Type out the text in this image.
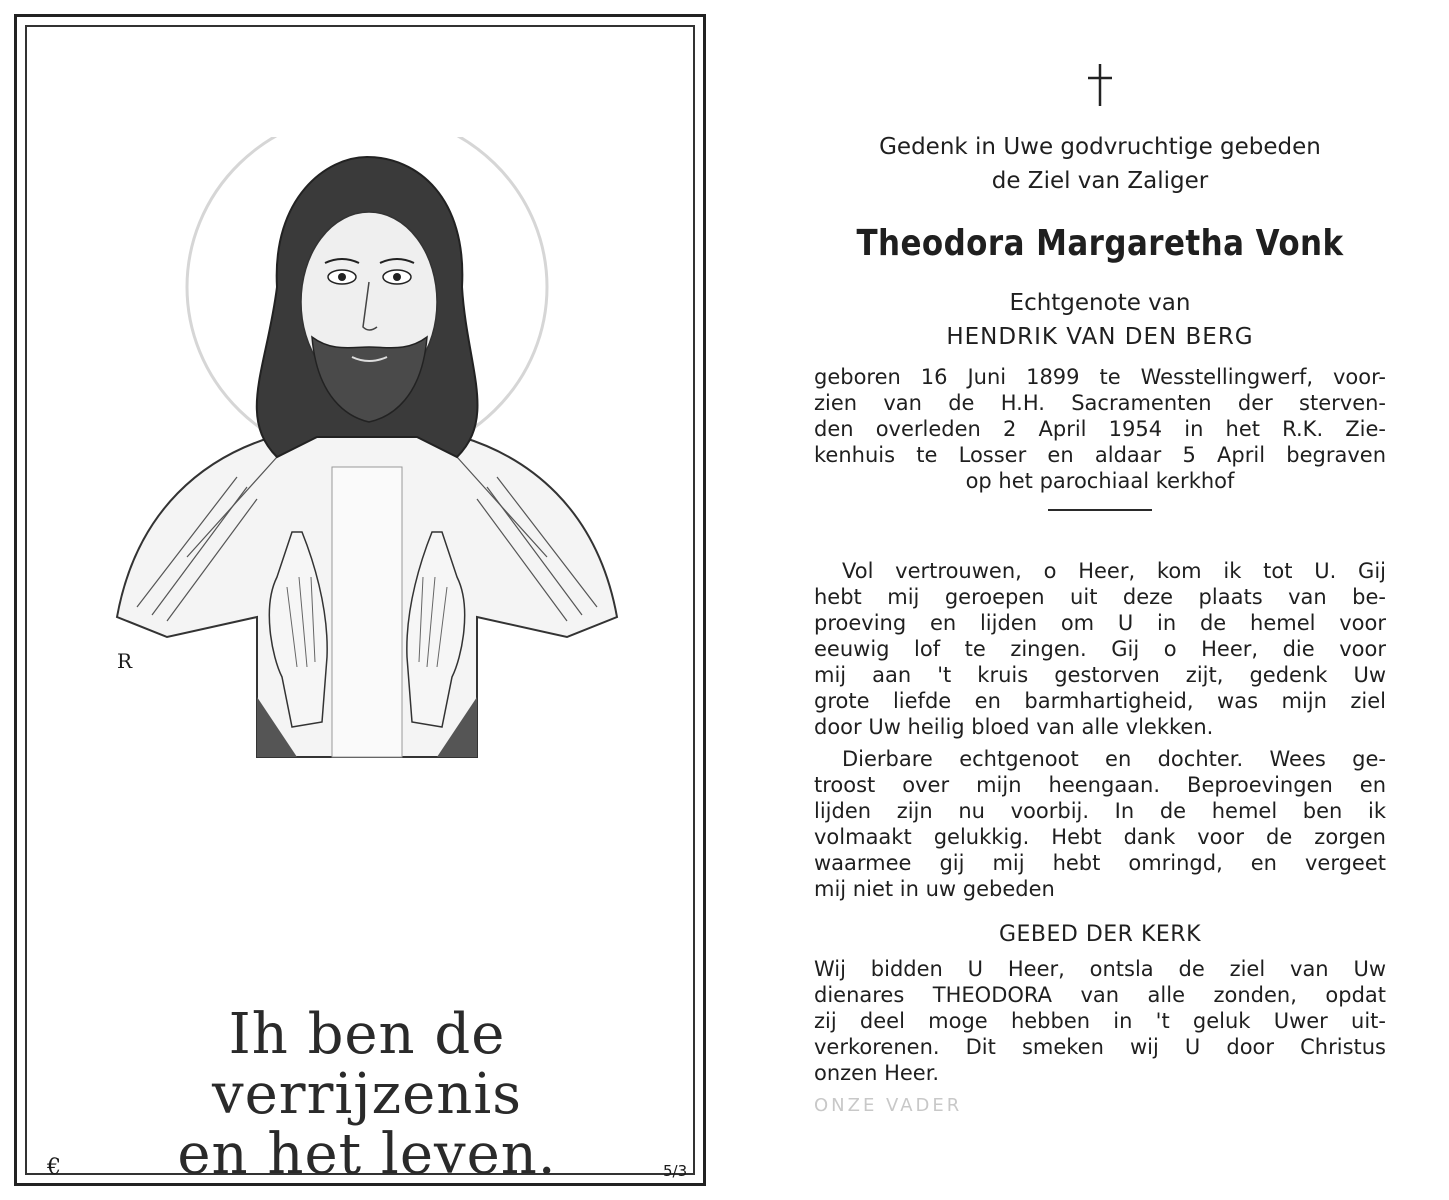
R
Ih ben de verrijzenis
en het leven.
€	5/3
Gedenk in Uwe godvruchtige gebeden
de Ziel van Zaliger
Theodora Margaretha Vonk
Echtgenote van
HENDRIK VAN DEN BERG
geboren 16 Juni 1899 te Wesstellingwerf, voor-
zien van de H.H. Sacramenten der sterven-
den overleden 2 April 1954 in het R.K. Zie-
kenhuis te Losser en aldaar 5 April begraven
op het parochiaal kerkhof
Vol vertrouwen, o Heer, kom ik tot U. Gij
hebt mij geroepen uit deze plaats van be-
proeving en lijden om U in de hemel voor
eeuwig lof te zingen. Gij o Heer, die voor
mij aan 't kruis gestorven zijt, gedenk Uw
grote liefde en barmhartigheid, was mijn ziel
door Uw heilig bloed van alle vlekken.
Dierbare echtgenoot en dochter. Wees ge-
troost over mijn heengaan. Beproevingen en
lijden zijn nu voorbij. In de hemel ben ik
volmaakt gelukkig. Hebt dank voor de zorgen
waarmee gij mij hebt omringd, en vergeet
mij niet in uw gebeden
GEBED DER KERK
Wij bidden U Heer, ontsla de ziel van Uw
dienares THEODORA van alle zonden, opdat
zij deel moge hebben in 't geluk Uwer uit-
verkorenen. Dit smeken wij U door Christus
onzen Heer.
ONZE VADER
